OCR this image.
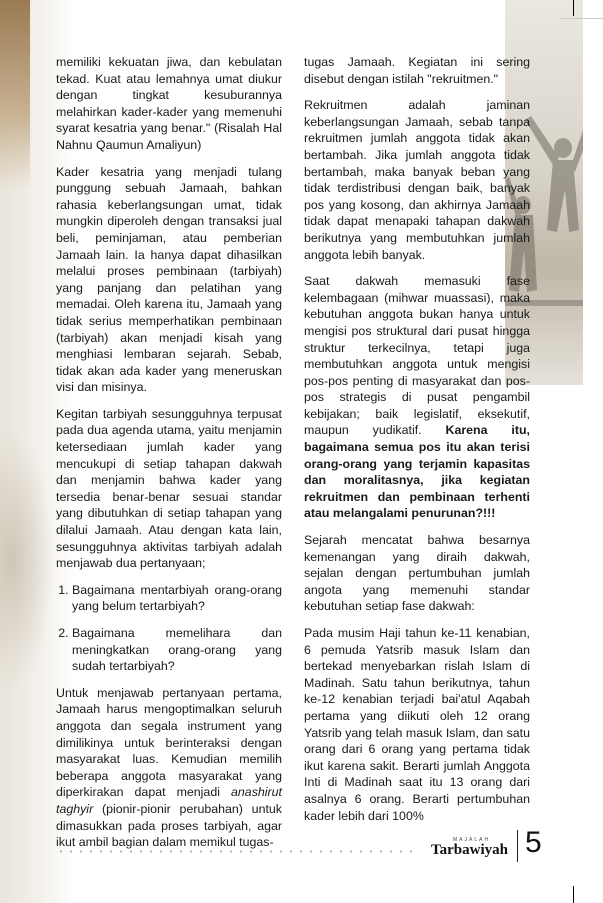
memiliki kekuatan jiwa, dan kebulatan tekad. Kuat atau lemahnya umat diukur dengan tingkat kesuburannya melahirkan kader-kader yang memenuhi syarat kesatria yang benar." (Risalah Hal Nahnu Qaumun Amaliyun)

Kader kesatria yang menjadi tulang punggung sebuah Jamaah, bahkan rahasia keberlangsungan umat, tidak mungkin diperoleh dengan transaksi jual beli, peminjaman, atau pemberian Jamaah lain. Ia hanya dapat dihasilkan melalui proses pembinaan (tarbiyah) yang panjang dan pelatihan yang memadai. Oleh karena itu, Jamaah yang tidak serius memperhatikan pembinaan (tarbiyah) akan menjadi kisah yang menghiasi lembaran sejarah. Sebab, tidak akan ada kader yang meneruskan visi dan misinya.

Kegitan tarbiyah sesungguhnya terpusat pada dua agenda utama, yaitu menjamin ketersediaan jumlah kader yang mencukupi di setiap tahapan dakwah dan menjamin bahwa kader yang tersedia benar-benar sesuai standar yang dibutuhkan di setiap tahapan yang dilalui Jamaah. Atau dengan kata lain, sesungguhnya aktivitas tarbiyah adalah menjawab dua pertanyaan;

1. Bagaimana mentarbiyah orang-orang yang belum tertarbiyah?
2. Bagaimana memelihara dan meningkatkan orang-orang yang sudah tertarbiyah?

Untuk menjawab pertanyaan pertama, Jamaah harus mengoptimalkan seluruh anggota dan segala instrument yang dimilikinya untuk berinteraksi dengan masyarakat luas. Kemudian memilih beberapa anggota masyarakat yang diperkirakan dapat menjadi anashirut taghyir (pionir-pionir perubahan) untuk dimasukkan pada proses tarbiyah, agar ikut ambil bagian dalam memikul tugas-

tugas Jamaah. Kegiatan ini sering disebut dengan istilah "rekruitmen."

Rekruitmen adalah jaminan keberlangsungan Jamaah, sebab tanpa rekruitmen jumlah anggota tidak akan bertambah. Jika jumlah anggota tidak bertambah, maka banyak beban yang tidak terdistribusi dengan baik, banyak pos yang kosong, dan akhirnya Jamaah tidak dapat menapaki tahapan dakwah berikutnya yang membutuhkan jumlah anggota lebih banyak.

Saat dakwah memasuki fase kelembagaan (mihwar muassasi), maka kebutuhan anggota bukan hanya untuk mengisi pos struktural dari pusat hingga struktur terkecilnya, tetapi juga membutuhkan anggota untuk mengisi pos-pos penting di masyarakat dan pos-pos strategis di pusat pengambil kebijakan; baik legislatif, eksekutif, maupun yudikatif. Karena itu, bagaimana semua pos itu akan terisi orang-orang yang terjamin kapasitas dan moralitasnya, jika kegiatan rekruitmen dan pembinaan terhenti atau melangalami penurunan?!!!

Sejarah mencatat bahwa besarnya kemenangan yang diraih dakwah, sejalan dengan pertumbuhan jumlah angota yang memenuhi standar kebutuhan setiap fase dakwah:

Pada musim Haji tahun ke-11 kenabian, 6 pemuda Yatsrib masuk Islam dan bertekad menyebarkan rislah Islam di Madinah. Satu tahun berikutnya, tahun ke-12 kenabian terjadi bai'atul Aqabah pertama yang diikuti oleh 12 orang Yatsrib yang telah masuk Islam, dan satu orang dari 6 orang yang pertama tidak ikut karena sakit. Berarti jumlah Anggota Inti di Madinah saat itu 13 orang dari asalnya 6 orang. Berarti pertumbuhan kader lebih dari 100%

MAJALAH
Tarbawiyah 5
